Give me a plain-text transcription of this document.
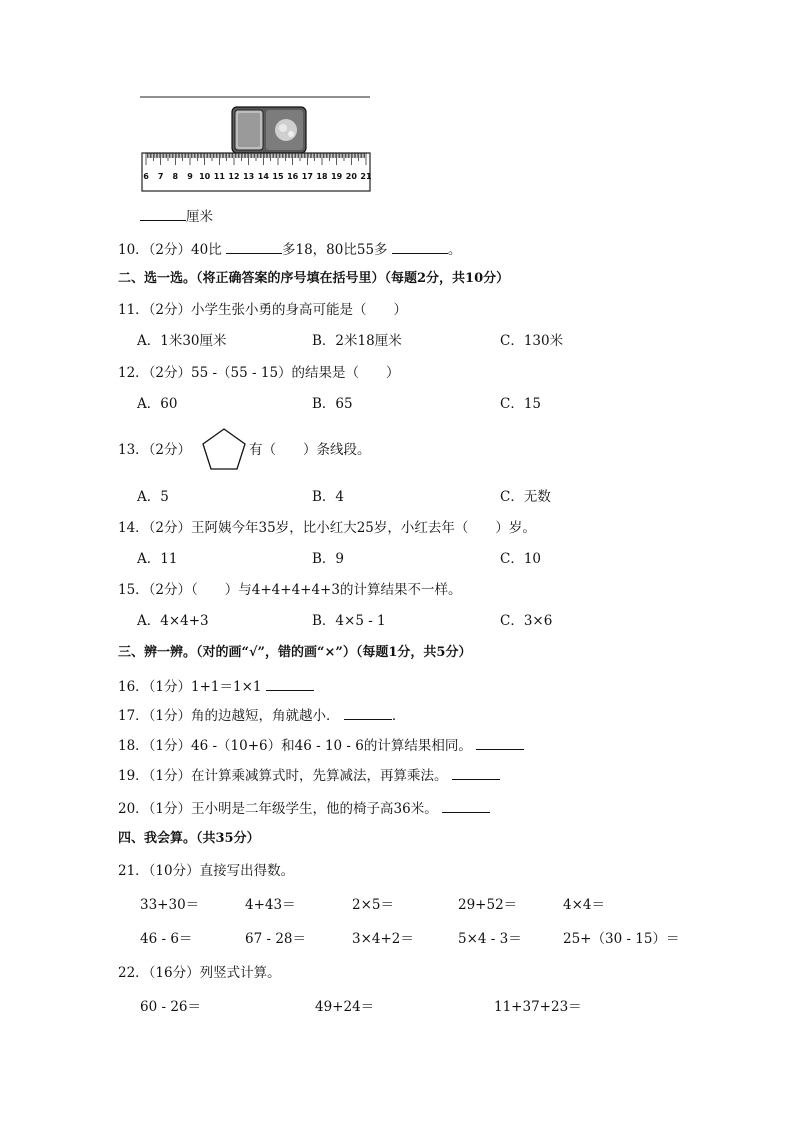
6 7 8 9 10 11 12 13 14 15 16 17 18 19 20 21
厘米
10．（2分）40比	多18，80比55多	。
二、选一选。（将正确答案的序号填在括号里）（每题2分，共10分）
11．（2分）小学生张小勇的身高可能是（　　）
A．1米30厘米	B．2米18厘米	C．130米
12．（2分）55 -（55 - 15）的结果是（　　）
A．60	B．65	C．15
13．（2分）	有（　　）条线段。
A．5	B．4	C．无数
14．（2分）王阿姨今年35岁，比小红大25岁，小红去年（　　）岁。
A．11	B．9	C．10
15．（2分）（　　）与4+4+4+4+3的计算结果不一样。
A．4×4+3	B．4×5 - 1	C．3×6
三、辨一辨。（对的画“√”，错的画“×”）（每题1分，共5分）
16．（1分）1+1＝1×1
17．（1分）角的边越短，角就越小．	．
18．（1分）46 -（10+6）和46 - 10 - 6的计算结果相同。
19．（1分）在计算乘减算式时，先算减法，再算乘法。
20．（1分）王小明是二年级学生，他的椅子高36米。
四、我会算。（共35分）
21．（10分）直接写出得数。
33+30＝	4+43＝	2×5＝	29+52＝	4×4＝
46 - 6＝	67 - 28＝	3×4+2＝	5×4 - 3＝	25+（30 - 15）＝
22．（16分）列竖式计算。
60 - 26＝	49+24＝	11+37+23＝
